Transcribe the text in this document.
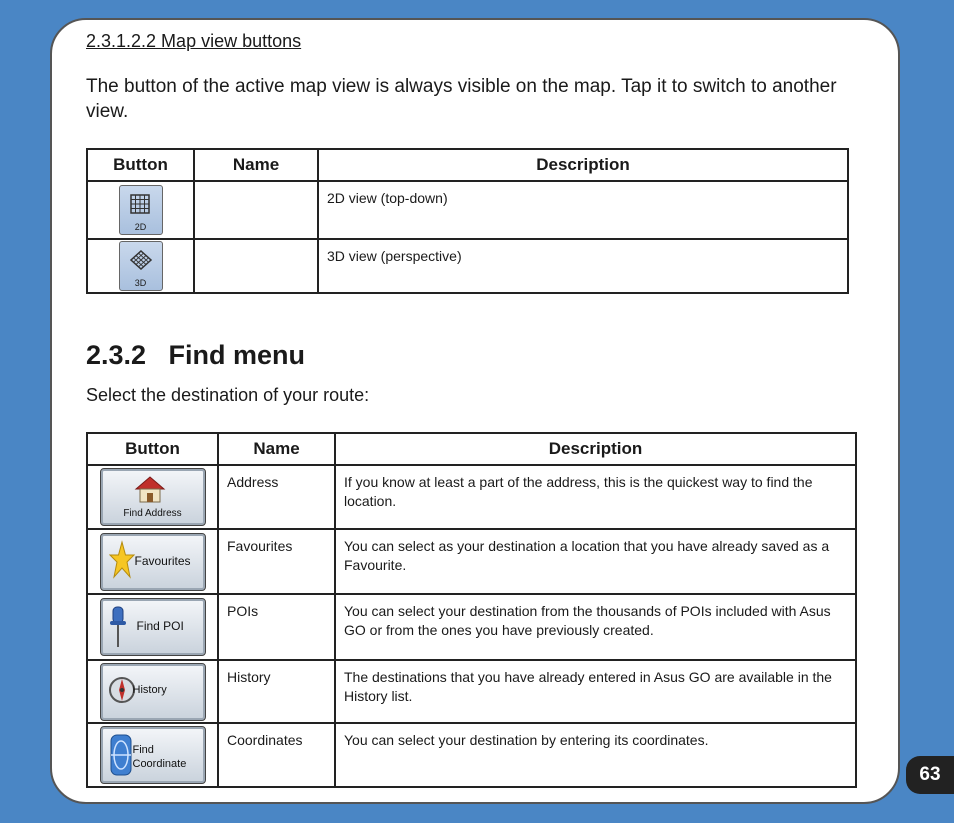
2.3.1.2.2 Map view buttons
The button of the active map view is always visible on the map. Tap it to switch to another view.
Button	Name	Description

2D		2D view (top-down)

3D		3D view (perspective)
2.3.2   Find menu
Select the destination of your route:
Button	Name	Description

Find Address	Address	If you know at least a part of the address, this is the quickest way to find the location.

Favourites	Favourites	You can select as your destination a location that you have already saved as a Favourite.

Find POI	POIs	You can select your destination from the thousands of POIs included with Asus GO or from the ones you have previously created.

History	History	The destinations that you have already entered in Asus GO are available in the History list.

Find
Coordinate	Coordinates	You can select your destination by entering its coordinates.
63
